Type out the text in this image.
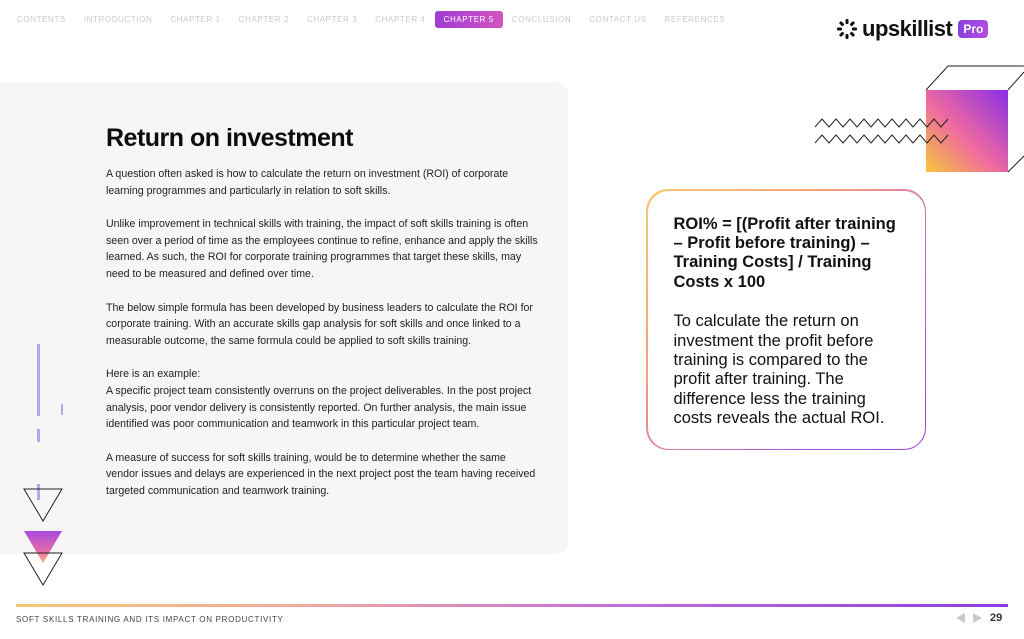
CONTENTS	INTRODUCTION	CHAPTER 1	CHAPTER 2	CHAPTER 3	CHAPTER 4	CHAPTER 5	CONCLUSION	CONTACT US	REFERENCES	upskillist Pro
Return on investment

A question often asked is how to calculate the return on investment (ROI) of corporate learning programmes and particularly in relation to soft skills.

Unlike improvement in technical skills with training, the impact of soft skills training is often seen over a period of time as the employees continue to refine, enhance and apply the skills learned. As such, the ROI for corporate training programmes that target these skills, may need to be measured and defined over time.

The below simple formula has been developed by business leaders to calculate the ROI for corporate training. With an accurate skills gap analysis for soft skills and once linked to a measurable outcome, the same formula could be applied to soft skills training.

Here is an example:

A specific project team consistently overruns on the project deliverables. In the post project analysis, poor vendor delivery is consistently reported. On further analysis, the main issue identified was poor communication and teamwork in this particular project team.

A measure of success for soft skills training, would be to determine whether the same vendor issues and delays are experienced in the next project post the team having received targeted communication and teamwork training.

ROI% = [(Profit after training – Profit before training) – Training Costs] / Training Costs x 100

To calculate the return on investment the profit before training is compared to the profit after training. The difference less the training costs reveals the actual ROI.

SOFT SKILLS TRAINING AND ITS IMPACT ON PRODUCTIVITY	29
